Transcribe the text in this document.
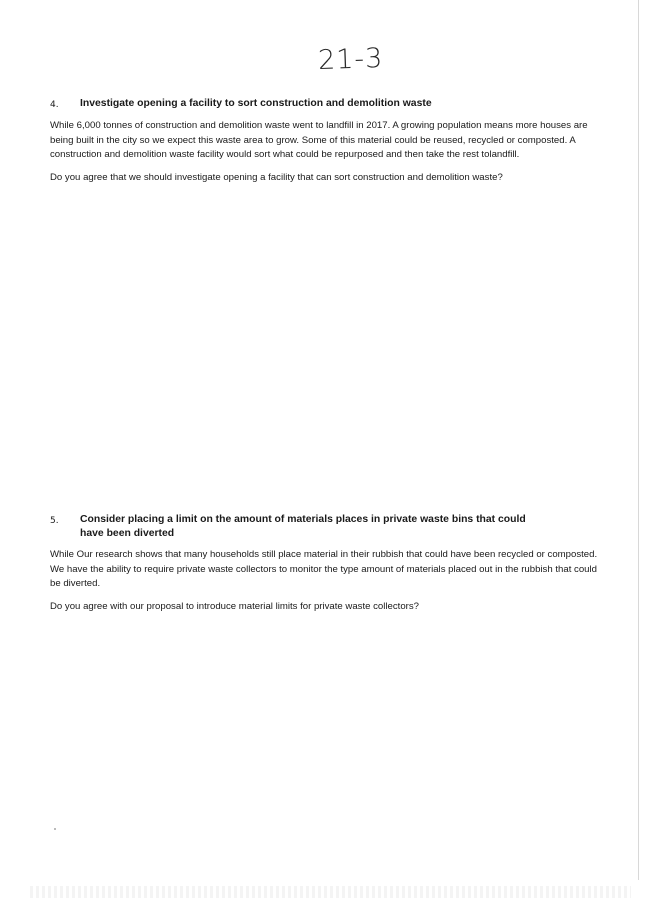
21-3
4.	Investigate opening a facility to sort construction and demolition waste

While 6,000 tonnes of construction and demolition waste went to landfill in 2017. A growing population means more houses are being built in the city so we expect this waste area to grow. Some of this material could be reused, recycled or composted. A construction and demolition waste facility would sort what could be repurposed and then take the rest tolandfill.

Do you agree that we should investigate opening a facility that can sort construction and demolition waste?

5.	Consider placing a limit on the amount of materials places in private waste bins that could have been diverted

While Our research shows that many households still place material in their rubbish that could have been recycled or composted. We have the ability to require private waste collectors to monitor the type amount of materials placed out in the rubbish that could be diverted.

Do you agree with our proposal to introduce material limits for private waste collectors?
